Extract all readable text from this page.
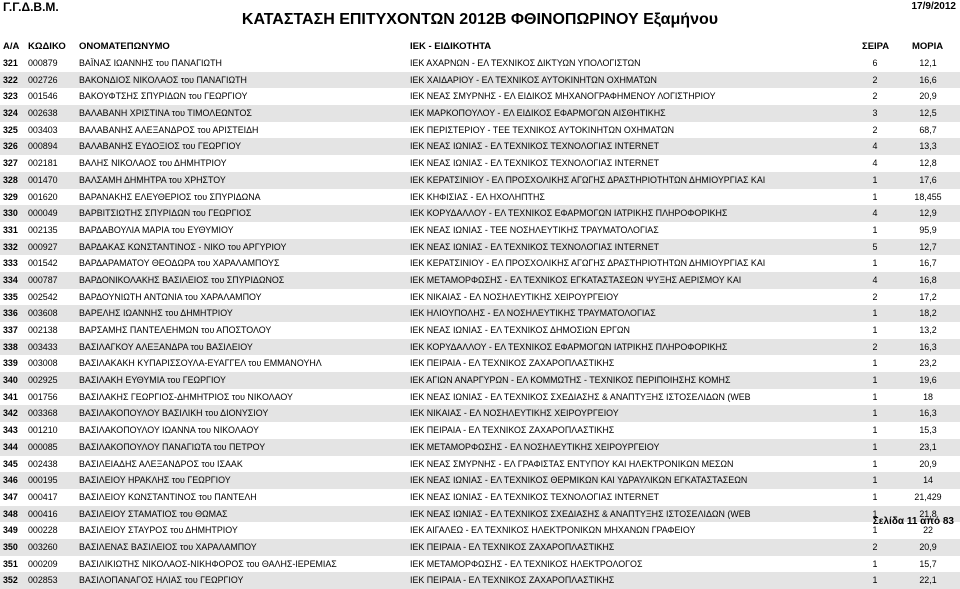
Γ.Γ.Δ.Β.Μ.	17/9/2012
ΚΑΤΑΣΤΑΣΗ ΕΠΙΤΥΧΟΝΤΩΝ 2012Β ΦΘΙΝΟΠΩΡΙΝΟΥ Εξαμήνου
Α/Α ΚΩΔΙΚΟ ΟΝΟΜΑΤΕΠΩΝΥΜΟ	ΙΕΚ - ΕΙΔΙΚΟΤΗΤΑ	ΣΕΙΡΑ ΜΟΡΙΑ
321	000879	ΒΑΪΝΑΣ ΙΩΑΝΝΗΣ του ΠΑΝΑΓΙΩΤΗ	ΙΕΚ ΑΧΑΡΝΩΝ - ΕΛ ΤΕΧΝΙΚΟΣ ΔΙΚΤΥΩΝ ΥΠΟΛΟΓΙΣΤΩΝ	6	12,1
322	002726	ΒΑΚΟΝΔΙΟΣ ΝΙΚΟΛΑΟΣ του ΠΑΝΑΓΙΩΤΗ	ΙΕΚ ΧΑΙΔΑΡΙΟΥ - ΕΛ ΤΕΧΝΙΚΟΣ ΑΥΤΟΚΙΝΗΤΩΝ ΟΧΗΜΑΤΩΝ	2	16,6
323	001546	ΒΑΚΟΥΦΤΣΗΣ ΣΠΥΡΙΔΩΝ του ΓΕΩΡΓΙΟΥ	ΙΕΚ ΝΕΑΣ ΣΜΥΡΝΗΣ - ΕΛ ΕΙΔΙΚΟΣ ΜΗΧΑΝΟΓΡΑΦΗΜΕΝΟΥ ΛΟΓΙΣΤΗΡΙΟΥ	2	20,9
324	002638	ΒΑΛΑΒΑΝΗ ΧΡΙΣΤΙΝΑ του ΤΙΜΟΛΕΩΝΤΟΣ	ΙΕΚ ΜΑΡΚΟΠΟΥΛΟΥ - ΕΛ ΕΙΔΙΚΟΣ ΕΦΑΡΜΟΓΩΝ ΑΙΣΘΗΤΙΚΗΣ	3	12,5
325	003403	ΒΑΛΑΒΑΝΗΣ ΑΛΕΞΑΝΔΡΟΣ του ΑΡΙΣΤΕΙΔΗ	ΙΕΚ ΠΕΡΙΣΤΕΡΙΟΥ - ΤΕΕ ΤΕΧΝΙΚΟΣ ΑΥΤΟΚΙΝΗΤΩΝ ΟΧΗΜΑΤΩΝ	2	68,7
326	000894	ΒΑΛΑΒΑΝΗΣ ΕΥΔΟΞΙΟΣ του ΓΕΩΡΓΙΟΥ	ΙΕΚ ΝΕΑΣ ΙΩΝΙΑΣ - ΕΛ ΤΕΧΝΙΚΟΣ ΤΕΧΝΟΛΟΓΙΑΣ INTERNET	4	13,3
327	002181	ΒΑΛΗΣ ΝΙΚΟΛΑΟΣ του ΔΗΜΗΤΡΙΟΥ	ΙΕΚ ΝΕΑΣ ΙΩΝΙΑΣ - ΕΛ ΤΕΧΝΙΚΟΣ ΤΕΧΝΟΛΟΓΙΑΣ INTERNET	4	12,8
328	001470	ΒΑΛΣΑΜΗ ΔΗΜΗΤΡΑ του ΧΡΗΣΤΟΥ	ΙΕΚ ΚΕΡΑΤΣΙΝΙΟΥ - ΕΛ ΠΡΟΣΧΟΛΙΚΗΣ ΑΓΩΓΗΣ ΔΡΑΣΤΗΡΙΟΤΗΤΩΝ ΔΗΜΙΟΥΡΓΙΑΣ ΚΑΙ	1	17,6
329	001620	ΒΑΡΑΝΑΚΗΣ ΕΛΕΥΘΕΡΙΟΣ του ΣΠΥΡΙΔΩΝΑ	ΙΕΚ ΚΗΦΙΣΙΑΣ - ΕΛ ΗΧΟΛΗΠΤΗΣ	1	18,455
330	000049	ΒΑΡΒΙΤΣΙΩΤΗΣ ΣΠΥΡΙΔΩΝ του ΓΕΩΡΓΙΟΣ	ΙΕΚ ΚΟΡΥΔΑΛΛΟΥ - ΕΛ ΤΕΧΝΙΚΟΣ ΕΦΑΡΜΟΓΩΝ ΙΑΤΡΙΚΗΣ ΠΛΗΡΟΦΟΡΙΚΗΣ	4	12,9
331	002135	ΒΑΡΔΑΒΟΥΛΙΑ ΜΑΡΙΑ του ΕΥΘΥΜΙΟΥ	ΙΕΚ ΝΕΑΣ ΙΩΝΙΑΣ - ΤΕΕ ΝΟΣΗΛΕΥΤΙΚΗΣ ΤΡΑΥΜΑΤΟΛΟΓΙΑΣ	1	95,9
332	000927	ΒΑΡΔΑΚΑΣ ΚΩΝΣΤΑΝΤΙΝΟΣ - ΝΙΚΟ του ΑΡΓΥΡΙΟΥ	ΙΕΚ ΝΕΑΣ ΙΩΝΙΑΣ - ΕΛ ΤΕΧΝΙΚΟΣ ΤΕΧΝΟΛΟΓΙΑΣ INTERNET	5	12,7
333	001542	ΒΑΡΔΑΡΑΜΑΤΟΥ ΘΕΟΔΩΡΑ του ΧΑΡΑΛΑΜΠΟΥΣ	ΙΕΚ ΚΕΡΑΤΣΙΝΙΟΥ - ΕΛ ΠΡΟΣΧΟΛΙΚΗΣ ΑΓΩΓΗΣ ΔΡΑΣΤΗΡΙΟΤΗΤΩΝ ΔΗΜΙΟΥΡΓΙΑΣ ΚΑΙ	1	16,7
334	000787	ΒΑΡΔΟΝΙΚΟΛΑΚΗΣ ΒΑΣΙΛΕΙΟΣ του ΣΠΥΡΙΔΩΝΟΣ	ΙΕΚ ΜΕΤΑΜΟΡΦΩΣΗΣ - ΕΛ ΤΕΧΝΙΚΟΣ ΕΓΚΑΤΑΣΤΑΣΕΩΝ ΨΥΞΗΣ ΑΕΡΙΣΜΟΥ ΚΑΙ	4	16,8
335	002542	ΒΑΡΔΟΥΝΙΩΤΗ ΑΝΤΩΝΙΑ του ΧΑΡΑΛΑΜΠΟΥ	ΙΕΚ ΝΙΚΑΙΑΣ - ΕΛ ΝΟΣΗΛΕΥΤΙΚΗΣ ΧΕΙΡΟΥΡΓΕΙΟΥ	2	17,2
336	003608	ΒΑΡΕΛΗΣ ΙΩΑΝΝΗΣ του ΔΗΜΗΤΡΙΟΥ	ΙΕΚ ΗΛΙΟΥΠΟΛΗΣ - ΕΛ ΝΟΣΗΛΕΥΤΙΚΗΣ ΤΡΑΥΜΑΤΟΛΟΓΙΑΣ	1	18,2
337	002138	ΒΑΡΣΑΜΗΣ ΠΑΝΤΕΛΕΗΜΩΝ του ΑΠΟΣΤΟΛΟΥ	ΙΕΚ ΝΕΑΣ ΙΩΝΙΑΣ - ΕΛ ΤΕΧΝΙΚΟΣ ΔΗΜΟΣΙΩΝ ΕΡΓΩΝ	1	13,2
338	003433	ΒΑΣΙΛΑΓΚΟΥ ΑΛΕΞΑΝΔΡΑ του ΒΑΣΙΛΕΙΟΥ	ΙΕΚ ΚΟΡΥΔΑΛΛΟΥ - ΕΛ ΤΕΧΝΙΚΟΣ ΕΦΑΡΜΟΓΩΝ ΙΑΤΡΙΚΗΣ ΠΛΗΡΟΦΟΡΙΚΗΣ	2	16,3
339	003008	ΒΑΣΙΛΑΚΑΚΗ ΚΥΠΑΡΙΣΣΟΥΛΑ-ΕΥΑΓΓΕΛ του ΕΜΜΑΝΟΥΗΛ	ΙΕΚ ΠΕΙΡΑΙΑ - ΕΛ ΤΕΧΝΙΚΟΣ ΖΑΧΑΡΟΠΛΑΣΤΙΚΗΣ	1	23,2
340	002925	ΒΑΣΙΛΑΚΗ ΕΥΘΥΜΙΑ του ΓΕΩΡΓΙΟΥ	ΙΕΚ ΑΓΙΩΝ ΑΝΑΡΓΥΡΩΝ - ΕΛ ΚΟΜΜΩΤΗΣ - ΤΕΧΝΙΚΟΣ ΠΕΡΙΠΟΙΗΣΗΣ ΚΟΜΗΣ	1	19,6
341	001756	ΒΑΣΙΛΑΚΗΣ ΓΕΩΡΓΙΟΣ-ΔΗΜΗΤΡΙΟΣ του ΝΙΚΟΛΑΟΥ	ΙΕΚ ΝΕΑΣ ΙΩΝΙΑΣ - ΕΛ ΤΕΧΝΙΚΟΣ ΣΧΕΔΙΑΣΗΣ & ΑΝΑΠΤΥΞΗΣ ΙΣΤΟΣΕΛΙΔΩΝ (WEB	1	18
342	003368	ΒΑΣΙΛΑΚΟΠΟΥΛΟΥ ΒΑΣΙΛΙΚΗ του ΔΙΟΝΥΣΙΟΥ	ΙΕΚ ΝΙΚΑΙΑΣ - ΕΛ ΝΟΣΗΛΕΥΤΙΚΗΣ ΧΕΙΡΟΥΡΓΕΙΟΥ	1	16,3
343	001210	ΒΑΣΙΛΑΚΟΠΟΥΛΟΥ ΙΩΑΝΝΑ του ΝΙΚΟΛΑΟΥ	ΙΕΚ ΠΕΙΡΑΙΑ - ΕΛ ΤΕΧΝΙΚΟΣ ΖΑΧΑΡΟΠΛΑΣΤΙΚΗΣ	1	15,3
344	000085	ΒΑΣΙΛΑΚΟΠΟΥΛΟΥ ΠΑΝΑΓΙΩΤΑ του ΠΕΤΡΟΥ	ΙΕΚ ΜΕΤΑΜΟΡΦΩΣΗΣ - ΕΛ ΝΟΣΗΛΕΥΤΙΚΗΣ ΧΕΙΡΟΥΡΓΕΙΟΥ	1	23,1
345	002438	ΒΑΣΙΛΕΙΑΔΗΣ ΑΛΕΞΑΝΔΡΟΣ του ΙΣΑΑΚ	ΙΕΚ ΝΕΑΣ ΣΜΥΡΝΗΣ - ΕΛ ΓΡΑΦΙΣΤΑΣ ΕΝΤΥΠΟΥ ΚΑΙ ΗΛΕΚΤΡΟΝΙΚΩΝ ΜΕΣΩΝ	1	20,9
346	000195	ΒΑΣΙΛΕΙΟΥ ΗΡΑΚΛΗΣ του ΓΕΩΡΓΙΟΥ	ΙΕΚ ΝΕΑΣ ΙΩΝΙΑΣ - ΕΛ ΤΕΧΝΙΚΟΣ ΘΕΡΜΙΚΩΝ ΚΑΙ ΥΔΡΑΥΛΙΚΩΝ ΕΓΚΑΤΑΣΤΑΣΕΩΝ	1	14
347	000417	ΒΑΣΙΛΕΙΟΥ ΚΩΝΣΤΑΝΤΙΝΟΣ του ΠΑΝΤΕΛΗ	ΙΕΚ ΝΕΑΣ ΙΩΝΙΑΣ - ΕΛ ΤΕΧΝΙΚΟΣ ΤΕΧΝΟΛΟΓΙΑΣ INTERNET	1	21,429
348	000416	ΒΑΣΙΛΕΙΟΥ ΣΤΑΜΑΤΙΟΣ του ΘΩΜΑΣ	ΙΕΚ ΝΕΑΣ ΙΩΝΙΑΣ - ΕΛ ΤΕΧΝΙΚΟΣ ΣΧΕΔΙΑΣΗΣ & ΑΝΑΠΤΥΞΗΣ ΙΣΤΟΣΕΛΙΔΩΝ (WEB	1	21,8
349	000228	ΒΑΣΙΛΕΙΟΥ ΣΤΑΥΡΟΣ του ΔΗΜΗΤΡΙΟΥ	ΙΕΚ ΑΙΓΑΛΕΩ - ΕΛ ΤΕΧΝΙΚΟΣ ΗΛΕΚΤΡΟΝΙΚΩΝ ΜΗΧΑΝΩΝ ΓΡΑΦΕΙΟΥ	1	22
350	003260	ΒΑΣΙΛΕΝΑΣ ΒΑΣΙΛΕΙΟΣ του ΧΑΡΑΛΑΜΠΟΥ	ΙΕΚ ΠΕΙΡΑΙΑ - ΕΛ ΤΕΧΝΙΚΟΣ ΖΑΧΑΡΟΠΛΑΣΤΙΚΗΣ	2	20,9
351	000209	ΒΑΣΙΛΙΚΙΩΤΗΣ ΝΙΚΟΛΑΟΣ-ΝΙΚΗΦΟΡΟΣ του ΘΑΛΗΣ-ΙΕΡΕΜΙΑΣ	ΙΕΚ ΜΕΤΑΜΟΡΦΩΣΗΣ - ΕΛ ΤΕΧΝΙΚΟΣ ΗΛΕΚΤΡΟΛΟΓΟΣ	1	15,7
352	002853	ΒΑΣΙΛΟΠΑΝΑΓΟΣ ΗΛΙΑΣ του ΓΕΩΡΓΙΟΥ	ΙΕΚ ΠΕΙΡΑΙΑ - ΕΛ ΤΕΧΝΙΚΟΣ ΖΑΧΑΡΟΠΛΑΣΤΙΚΗΣ	1	22,1
Σελίδα 11 από 83
